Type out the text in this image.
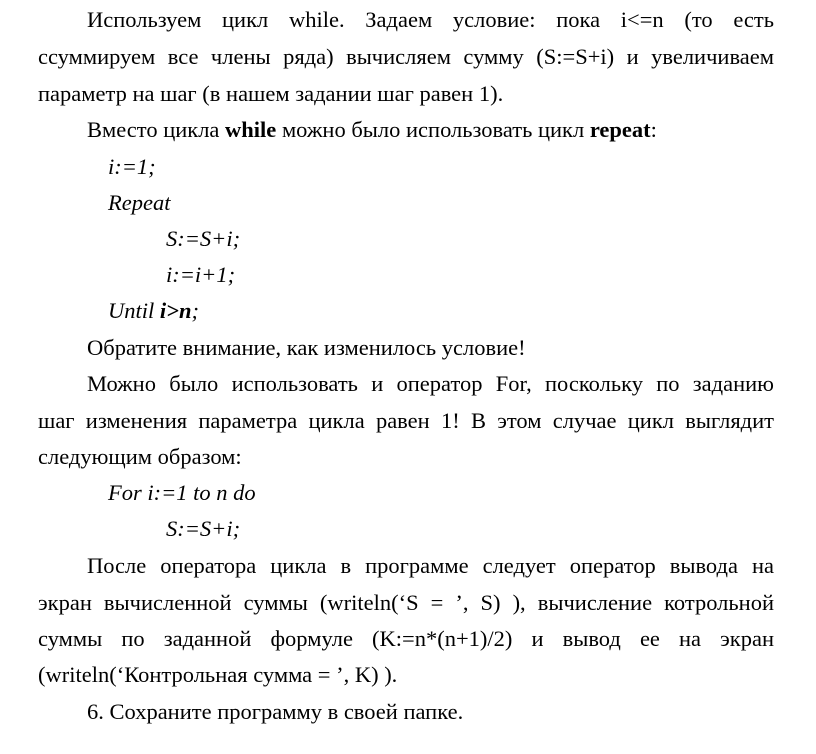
Используем цикл while. Задаем условие: пока i<=n (то есть
ссуммируем все члены ряда) вычисляем сумму (S:=S+i) и увеличиваем
параметр на шаг (в нашем задании шаг равен 1).
Вместо цикла while можно было использовать цикл repeat:
i:=1;
Repeat
S:=S+i;
i:=i+1;
Until i>n;
Обратите внимание, как изменилось условие!
Можно было использовать и оператор For, поскольку по заданию
шаг изменения параметра цикла равен 1! В этом случае цикл выглядит
следующим образом:
For i:=1 to n do
S:=S+i;
После оператора цикла в программе следует оператор вывода на
экран вычисленной суммы (writeln(‘S = ’, S) ), вычисление котрольной
суммы по заданной формуле (K:=n*(n+1)/2) и вывод ее на экран
(writeln(‘Контрольная сумма = ’, K) ).
6. Сохраните программу в своей папке.
